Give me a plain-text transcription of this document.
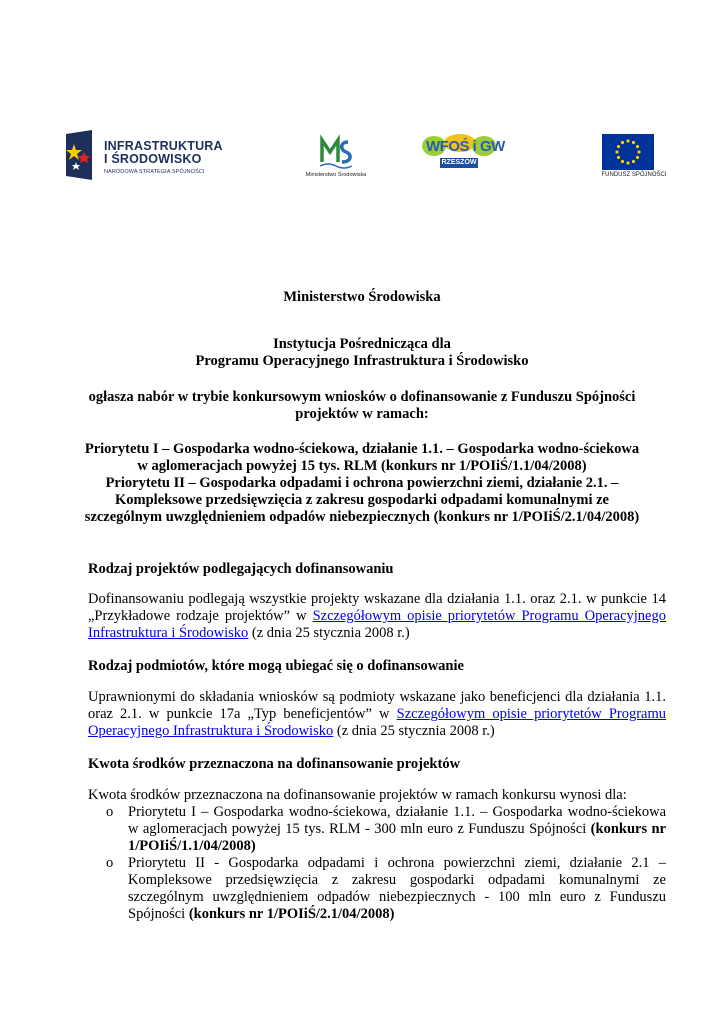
INFRASTRUKTURA
I ŚRODOWISKO
NARODOWA STRATEGIA SPÓJNOŚCI	Ministerstwo Środowiska
WFOŚ i GW
RZESZÓW
FUNDUSZ SPÓJNOŚCI
Ministerstwo Środowiska
Instytucja Pośrednicząca dla
Programu Operacyjnego Infrastruktura i Środowisko
ogłasza nabór w trybie konkursowym wniosków o dofinansowanie z Funduszu Spójności
projektów w ramach:
Priorytetu I – Gospodarka wodno-ściekowa, działanie 1.1. – Gospodarka wodno-ściekowa
w aglomeracjach powyżej 15 tys. RLM (konkurs nr 1/POIiŚ/1.1/04/2008)
Priorytetu II – Gospodarka odpadami i ochrona powierzchni ziemi, działanie 2.1. –
Kompleksowe przedsięwzięcia z zakresu gospodarki odpadami komunalnymi ze
szczególnym uwzględnieniem odpadów niebezpiecznych (konkurs nr 1/POIiŚ/2.1/04/2008)
Rodzaj projektów podlegających dofinansowaniu
Dofinansowaniu podlegają wszystkie projekty wskazane dla działania 1.1. oraz 2.1. w punkcie 14 „Przykładowe rodzaje projektów” w Szczegółowym opisie priorytetów Programu Operacyjnego Infrastruktura i Środowisko (z dnia 25 stycznia 2008 r.)
Rodzaj podmiotów, które mogą ubiegać się o dofinansowanie
Uprawnionymi do składania wniosków są podmioty wskazane jako beneficjenci dla działania 1.1. oraz 2.1. w punkcie 17a „Typ beneficjentów” w Szczegółowym opisie priorytetów Programu Operacyjnego Infrastruktura i Środowisko (z dnia 25 stycznia 2008 r.)
Kwota środków przeznaczona na dofinansowanie projektów
Kwota środków przeznaczona na dofinansowanie projektów w ramach konkursu wynosi dla:
o Priorytetu I – Gospodarka wodno-ściekowa, działanie 1.1. – Gospodarka wodno-ściekowa w aglomeracjach powyżej 15 tys. RLM - 300 mln euro z Funduszu Spójności (konkurs nr 1/POIiŚ/1.1/04/2008)
o Priorytetu II - Gospodarka odpadami i ochrona powierzchni ziemi, działanie 2.1 – Kompleksowe przedsięwzięcia z zakresu gospodarki odpadami komunalnymi ze szczególnym uwzględnieniem odpadów niebezpiecznych - 100 mln euro z Funduszu Spójności (konkurs nr 1/POIiŚ/2.1/04/2008)
